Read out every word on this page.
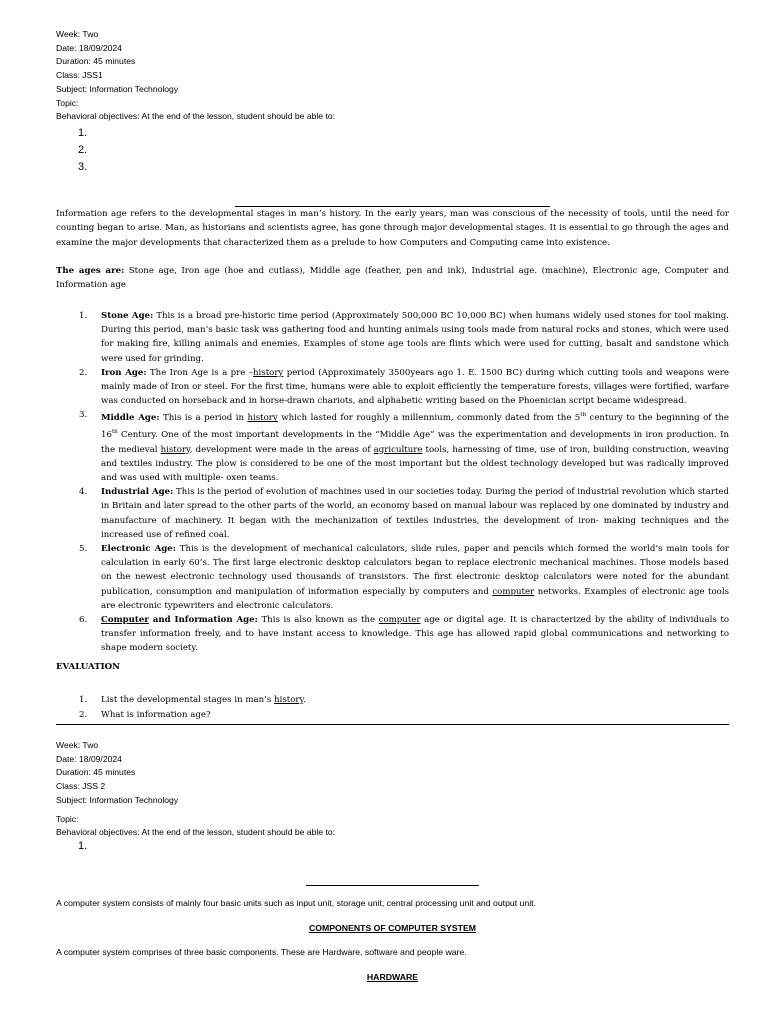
Week: Two
Date: 18/09/2024
Duration: 45 minutes
Class: JSS1
Subject: Information Technology
Topic:
Behavioral objectives: At the end of the lesson, student should be able to:
1.
2.
3.
Information age refers to the developmental stages in man’s history. In the early years, man was conscious of the necessity of tools, until the need for counting began to arise. Man, as historians and scientists agree, has gone through major developmental stages. It is essential to go through the ages and examine the major developments that characterized them as a prelude to how Computers and Computing came into existence.
The ages are: Stone age, Iron age (hoe and cutlass), Middle age (feather, pen and ink), Industrial age. (machine), Electronic age, Computer and Information age
1. Stone Age: This is a broad pre-historic time period (Approximately 500,000 BC 10,000 BC) when humans widely used stones for tool making. During this period, man’s basic task was gathering food and hunting animals using tools made from natural rocks and stones, which were used for making fire, killing animals and enemies. Examples of stone age tools are flints which were used for cutting, basalt and sandstone which were used for grinding.
2. Iron Age: The Iron Age is a pre –history period (Approximately 3500years ago 1. E. 1500 BC) during which cutting tools and weapons were mainly made of Iron or steel. For the first time, humans were able to exploit efficiently the temperature forests, villages were fortified, warfare was conducted on horseback and in horse-drawn chariots, and alphabetic writing based on the Phoenician script became widespread.
3. Middle Age: This is a period in history which lasted for roughly a millennium, commonly dated from the 5th century to the beginning of the 16th Century. One of the most important developments in the “Middle Age” was the experimentation and developments in iron production. In the medieval history, development were made in the areas of agriculture tools, harnessing of time, use of iron, building construction, weaving and textiles industry. The plow is considered to be one of the most important but the oldest technology developed but was radically improved and was used with multiple- oxen teams.
4. Industrial Age: This is the period of evolution of machines used in our societies today. During the period of industrial revolution which started in Britain and later spread to the other parts of the world, an economy based on manual labour was replaced by one dominated by industry and manufacture of machinery. It began with the mechanization of textiles industries, the development of iron- making techniques and the increased use of refined coal.
5. Electronic Age: This is the development of mechanical calculators, slide rules, paper and pencils which formed the world’s main tools for calculation in early 60’s. The first large electronic desktop calculators began to replace electronic mechanical machines. Those models based on the newest electronic technology used thousands of transistors. The first electronic desktop calculators were noted for the abundant publication, consumption and manipulation of information especially by computers and computer networks. Examples of electronic age tools are electronic typewriters and electronic calculators.
6. Computer and Information Age: This is also known as the computer age or digital age. It is characterized by the ability of individuals to transfer information freely, and to have instant access to knowledge. This age has allowed rapid global communications and networking to shape modern society.
EVALUATION
1. List the developmental stages in man’s history.
2. What is information age?
Week: Two
Date: 18/09/2024
Duration: 45 minutes
Class: JSS 2
Subject: Information Technology
Topic:
Behavioral objectives: At the end of the lesson, student should be able to:
1.
A computer system consists of mainly four basic units such as input unit, storage unit, central processing unit and output unit.
COMPONENTS OF COMPUTER SYSTEM
A computer system comprises of three basic components. These are Hardware, software and people ware.
HARDWARE
